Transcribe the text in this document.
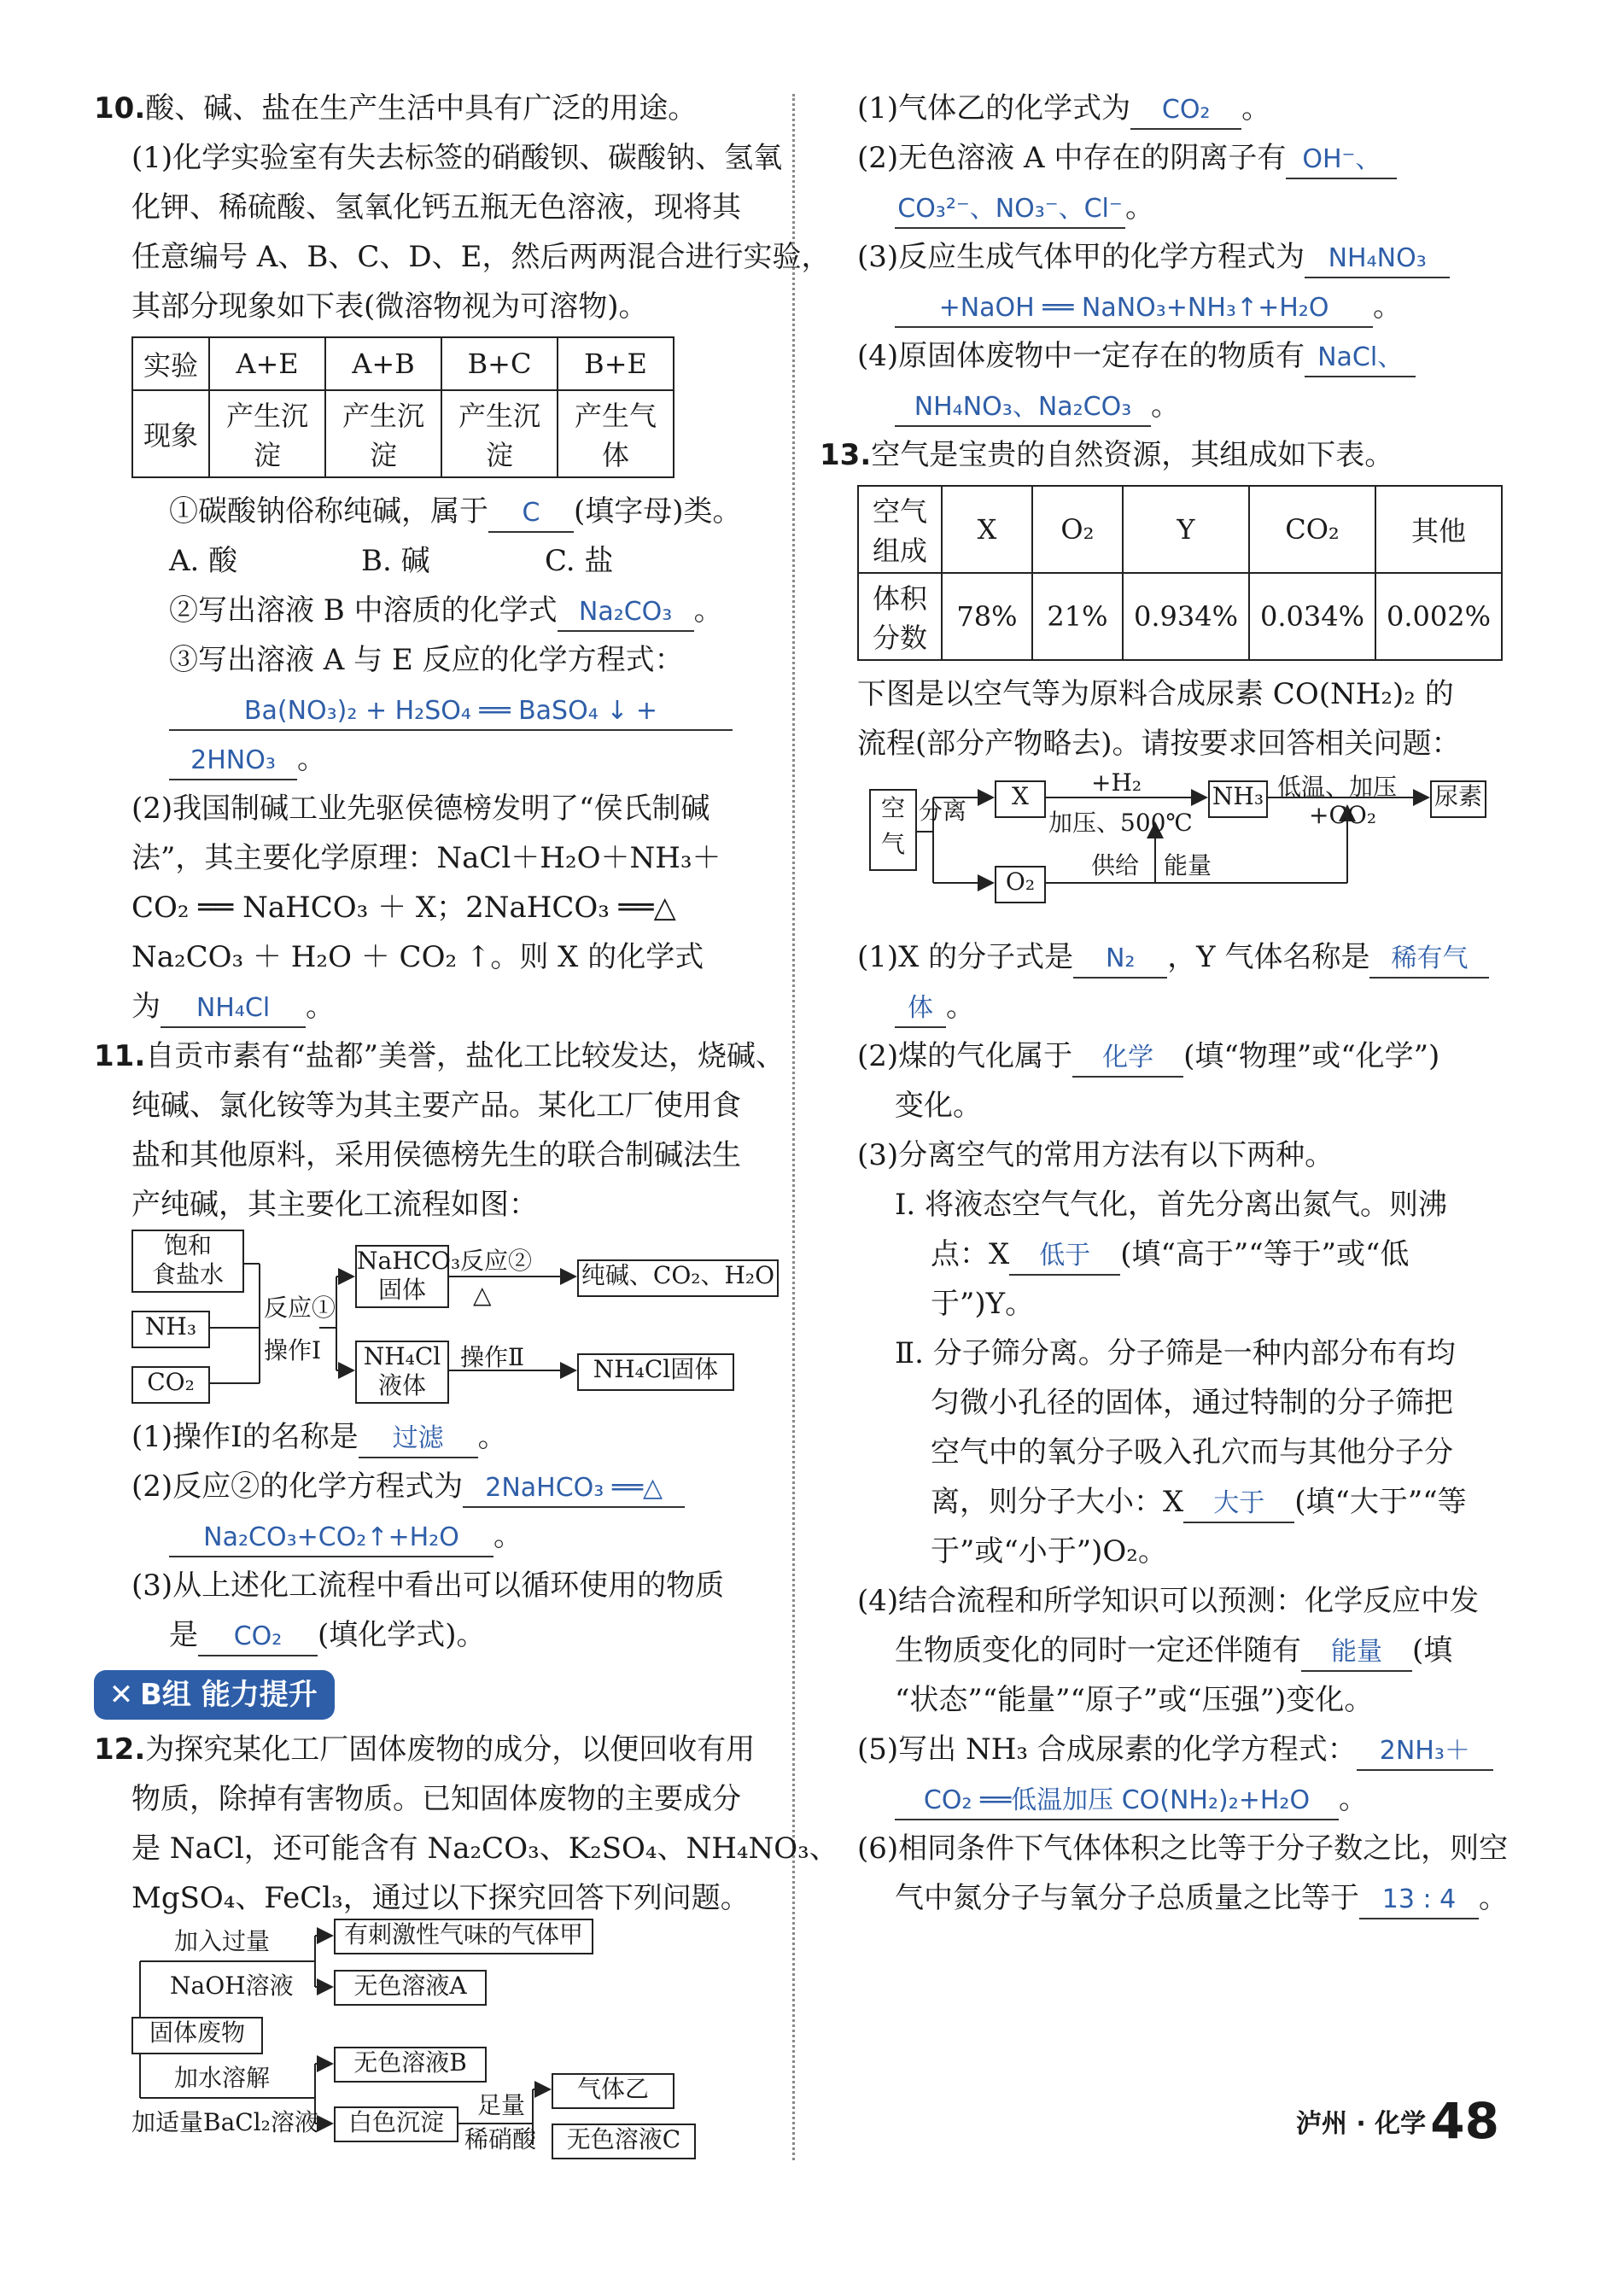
10.酸、碱、盐在生产生活中具有广泛的用途。
(1)化学实验室有失去标签的硝酸钡、碳酸钠、氢氧
化钾、稀硫酸、氢氧化钙五瓶无色溶液，现将其
任意编号 A、B、C、D、E，然后两两混合进行实验，
其部分现象如下表(微溶物视为可溶物)。
实验	A+E	A+B	B+C	B+E
现象	产生沉淀	产生沉淀	产生沉淀	产生气体
①碳酸钠俗称纯碱，属于 C (填字母)类。
A. 酸	B. 碱	C. 盐
②写出溶液 B 中溶质的化学式 Na₂CO₃ 。
③写出溶液 A 与 E 反应的化学方程式：
Ba(NO₃)₂ + H₂SO₄ ══ BaSO₄ ↓ +
2HNO₃ 。
(2)我国制碱工业先驱侯德榜发明了“侯氏制碱
法”，其主要化学原理：NaCl＋H₂O＋NH₃＋
CO₂ ══ NaHCO₃ ＋ X；2NaHCO₃ ══△
Na₂CO₃ ＋ H₂O ＋ CO₂ ↑。则 X 的化学式
为 NH₄Cl 。
11.自贡市素有“盐都”美誉，盐化工比较发达，烧碱、
纯碱、氯化铵等为其主要产品。某化工厂使用食
盐和其他原料，采用侯德榜先生的联合制碱法生
产纯碱，其主要化工流程如图：
饱和
食盐水
NH₃
CO₂
反应①
操作Ⅰ
NaHCO₃
固体
NH₄Cl
液体
反应②
△
操作Ⅱ
纯碱、CO₂、H₂O
NH₄Cl固体
(1)操作Ⅰ的名称是 过滤 。
(2)反应②的化学方程式为 2NaHCO₃ ══△
Na₂CO₃+CO₂↑+H₂O 。
(3)从上述化工流程中看出可以循环使用的物质
是 CO₂ (填化学式)。
✕ B组 能力提升
12.为探究某化工厂固体废物的成分，以便回收有用
物质，除掉有害物质。已知固体废物的主要成分
是 NaCl，还可能含有 Na₂CO₃、K₂SO₄、NH₄NO₃、
MgSO₄、FeCl₃，通过以下探究回答下列问题。
固体废物
加入过量
NaOH溶液
加水溶解
加适量BaCl₂溶液
有刺激性气味的气体甲
无色溶液A
无色溶液B
白色沉淀
足量
稀硝酸
气体乙
无色溶液C
(1)气体乙的化学式为 CO₂ 。
(2)无色溶液 A 中存在的阴离子有 OH⁻、
CO₃²⁻、NO₃⁻、Cl⁻。
(3)反应生成气体甲的化学方程式为 NH₄NO₃
+NaOH ══ NaNO₃+NH₃↑+H₂O 。
(4)原固体废物中一定存在的物质有 NaCl、
NH₄NO₃、Na₂CO₃ 。
13.空气是宝贵的自然资源，其组成如下表。
空气组成	X	O₂	Y	CO₂	其他
体积分数	78%	21%	0.934%	0.034%	0.002%
下图是以空气等为原料合成尿素 CO(NH₂)₂ 的
流程(部分产物略去)。请按要求回答相关问题：
空
气
分离
X
O₂
+H₂
加压、500℃
NH₃ 低温、加压
+CO₂
尿素
供给 能量
(1)X 的分子式是 N₂ ，Y 气体名称是 稀有气
体 。
(2)煤的气化属于 化学 (填“物理”或“化学”)
变化。
(3)分离空气的常用方法有以下两种。
Ⅰ. 将液态空气气化，首先分离出氮气。则沸
点：X 低于 (填“高于”“等于”或“低
于”)Y。
Ⅱ. 分子筛分离。分子筛是一种内部分布有均
匀微小孔径的固体，通过特制的分子筛把
空气中的氧分子吸入孔穴而与其他分子分
离，则分子大小：X 大于 (填“大于”“等
于”或“小于”)O₂。
(4)结合流程和所学知识可以预测：化学反应中发
生物质变化的同时一定还伴随有 能量 (填
“状态”“能量”“原子”或“压强”)变化。
(5)写出 NH₃ 合成尿素的化学方程式： 2NH₃＋
CO₂ ══低温加压 CO(NH₂)₂+H₂O 。
(6)相同条件下气体体积之比等于分子数之比，则空
气中氮分子与氧分子总质量之比等于 13 : 4 。
泸州 · 化学 48
